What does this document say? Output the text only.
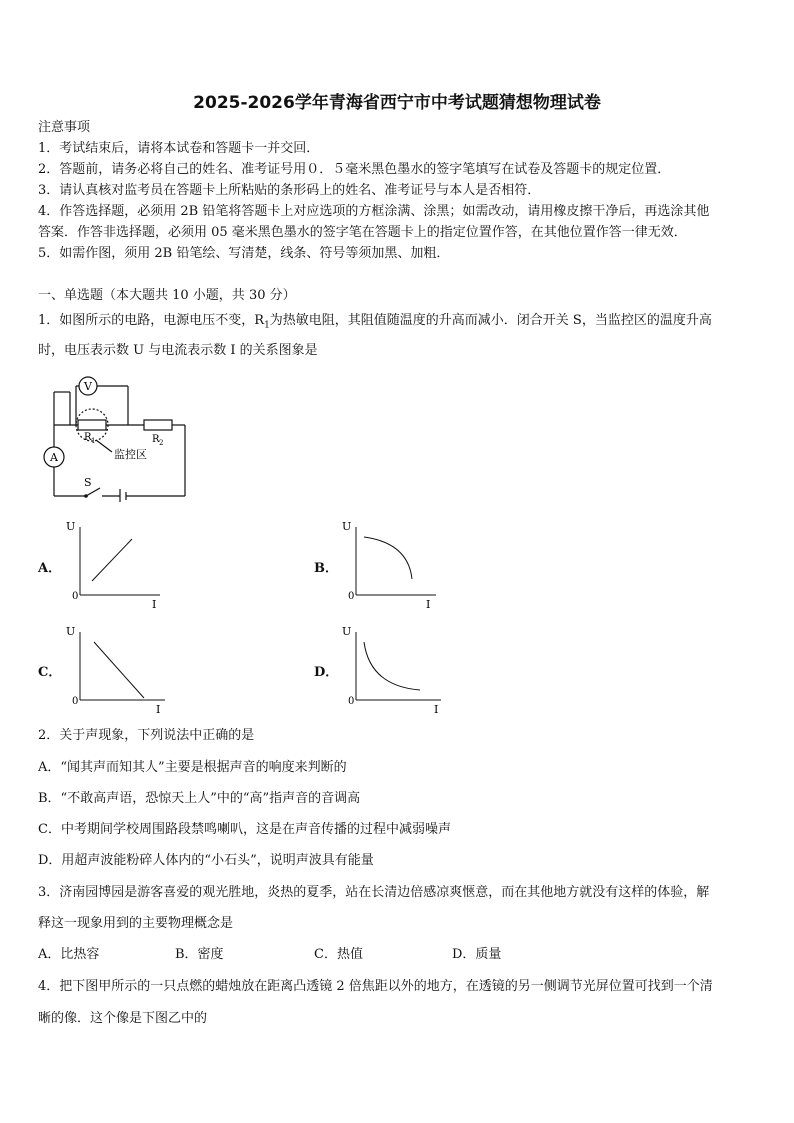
2025-2026学年青海省西宁市中考试题猜想物理试卷
注意事项
1．考试结束后，请将本试卷和答题卡一并交回．
2．答题前，请务必将自己的姓名、准考证号用０．５毫米黑色墨水的签字笔填写在试卷及答题卡的规定位置．
3．请认真核对监考员在答题卡上所粘贴的条形码上的姓名、准考证号与本人是否相符．
4．作答选择题，必须用 2B 铅笔将答题卡上对应选项的方框涂满、涂黑；如需改动，请用橡皮擦干净后，再选涂其他
答案．作答非选择题，必须用 05 毫米黑色墨水的签字笔在答题卡上的指定位置作答，在其他位置作答一律无效．
5．如需作图，须用 2B 铅笔绘、写清楚，线条、符号等须加黑、加粗．
一、单选题（本大题共 10 小题，共 30 分）
1．如图所示的电路，电源电压不变，$R_1$为热敏电阻，其阻值随温度的升高而减小．闭合开关 S，当监控区的温度升高
时，电压表示数 U 与电流表示数 I 的关系图象是
V
A
R 1	R 2
监控区
S
A．
U
0
I
B．
U
0
I
C．
U
0
I
D．
U
0
I
2．关于声现象，下列说法中正确的是
A．“闻其声而知其人”主要是根据声音的响度来判断的
B．“不敢高声语，恐惊天上人”中的“高”指声音的音调高
C．中考期间学校周围路段禁鸣喇叭，这是在声音传播的过程中减弱噪声
D．用超声波能粉碎人体内的“小石头”，说明声波具有能量
3．济南园博园是游客喜爱的观光胜地，炎热的夏季，站在长清边倍感凉爽惬意，而在其他地方就没有这样的体验，解
释这一现象用到的主要物理概念是
A．比热容	B．密度	C．热值	D．质量
4．把下图甲所示的一只点燃的蜡烛放在距离凸透镜 2 倍焦距以外的地方，在透镜的另一侧调节光屏位置可找到一个清
晰的像．这个像是下图乙中的
